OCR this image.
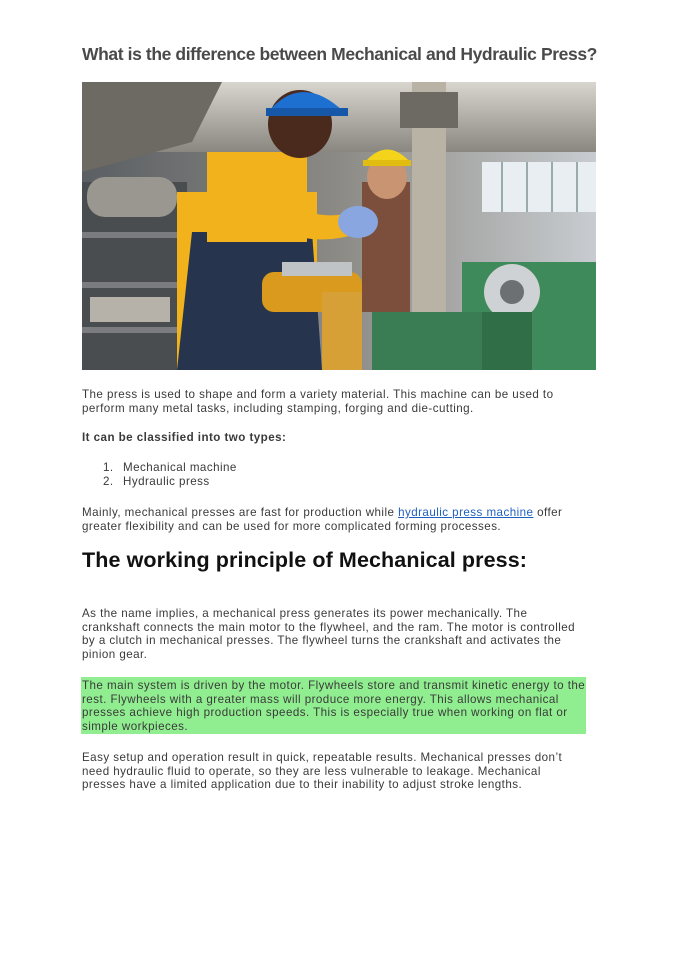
What is the difference between Mechanical and Hydraulic Press?

The press is used to shape and form a variety material. This machine can be used to perform many metal tasks, including stamping, forging and die-cutting.

It can be classified into two types:

1. Mechanical machine
2. Hydraulic press

Mainly, mechanical presses are fast for production while hydraulic press machine offer greater flexibility and can be used for more complicated forming processes.

The working principle of Mechanical press:

As the name implies, a mechanical press generates its power mechanically. The crankshaft connects the main motor to the flywheel, and the ram. The motor is controlled by a clutch in mechanical presses. The flywheel turns the crankshaft and activates the pinion gear.

The main system is driven by the motor. Flywheels store and transmit kinetic energy to the rest. Flywheels with a greater mass will produce more energy. This allows mechanical presses achieve high production speeds. This is especially true when working on flat or simple workpieces.

Easy setup and operation result in quick, repeatable results. Mechanical presses don’t need hydraulic fluid to operate, so they are less vulnerable to leakage. Mechanical presses have a limited application due to their inability to adjust stroke lengths.
